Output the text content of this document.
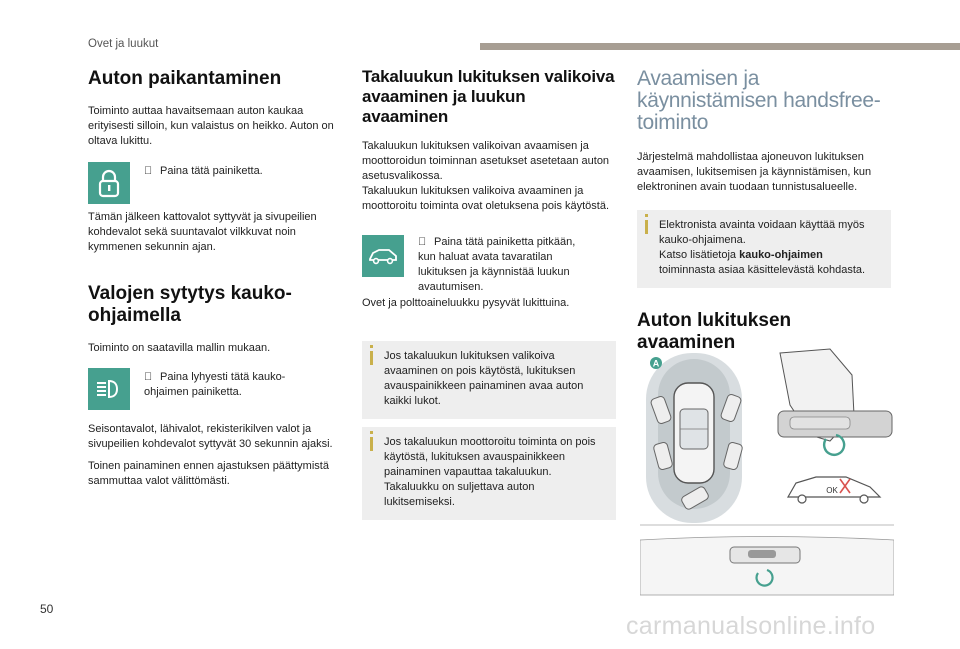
Ovet ja luukut
Auton paikantaminen

Toiminto auttaa havaitsemaan auton kaukaa erityisesti silloin, kun valaistus on heikko. Auton on oltava lukittu.

Paina tätä painiketta.

Tämän jälkeen kattovalot syttyvät ja sivupeilien kohdevalot sekä suuntavalot vilkkuvat noin kymmenen sekunnin ajan.

Valojen sytytys kauko-ohjaimella

Toiminto on saatavilla mallin mukaan.

Paina lyhyesti tätä kauko-ohjaimen painiketta.

Seisontavalot, lähivalot, rekisterikilven valot ja sivupeilien kohdevalot syttyvät 30 sekunnin ajaksi.

Toinen painaminen ennen ajastuksen päättymistä sammuttaa valot välittömästi.

Takaluukun lukituksen valikoiva avaaminen ja luukun avaaminen

Takaluukun lukituksen valikoivan avaamisen ja moottoroidun toiminnan asetukset asetetaan auton asetusvalikossa.
Takaluukun lukituksen valikoiva avaaminen ja moottoroitu toiminta ovat oletuksena pois käytöstä.

Paina tätä painiketta pitkään, kun haluat avata tavaratilan lukituksen ja käynnistää luukun avautumisen.

Ovet ja polttoaineluukku pysyvät lukittuina.

Jos takaluukun lukituksen valikoiva avaaminen on pois käytöstä, lukituksen avauspainikkeen painaminen avaa auton kaikki lukot.
Jos takaluukun moottoroitu toiminta on pois käytöstä, lukituksen avauspainikkeen painaminen vapauttaa takaluukun. Takaluukku on suljettava auton lukitsemiseksi.
Avaamisen ja käynnistämisen handsfree-toiminto

Järjestelmä mahdollistaa ajoneuvon lukituksen avaamisen, lukitsemisen ja käynnistämisen, kun elektroninen avain tuodaan tunnistusalueelle.

Elektronista avainta voidaan käyttää myös kauko-ohjaimena.
Katso lisätietoja kauko-ohjaimen toiminnasta asiaa käsittelevästä kohdasta.
Auton lukituksen avaaminen
A
OK
50
carmanualsonline.info
